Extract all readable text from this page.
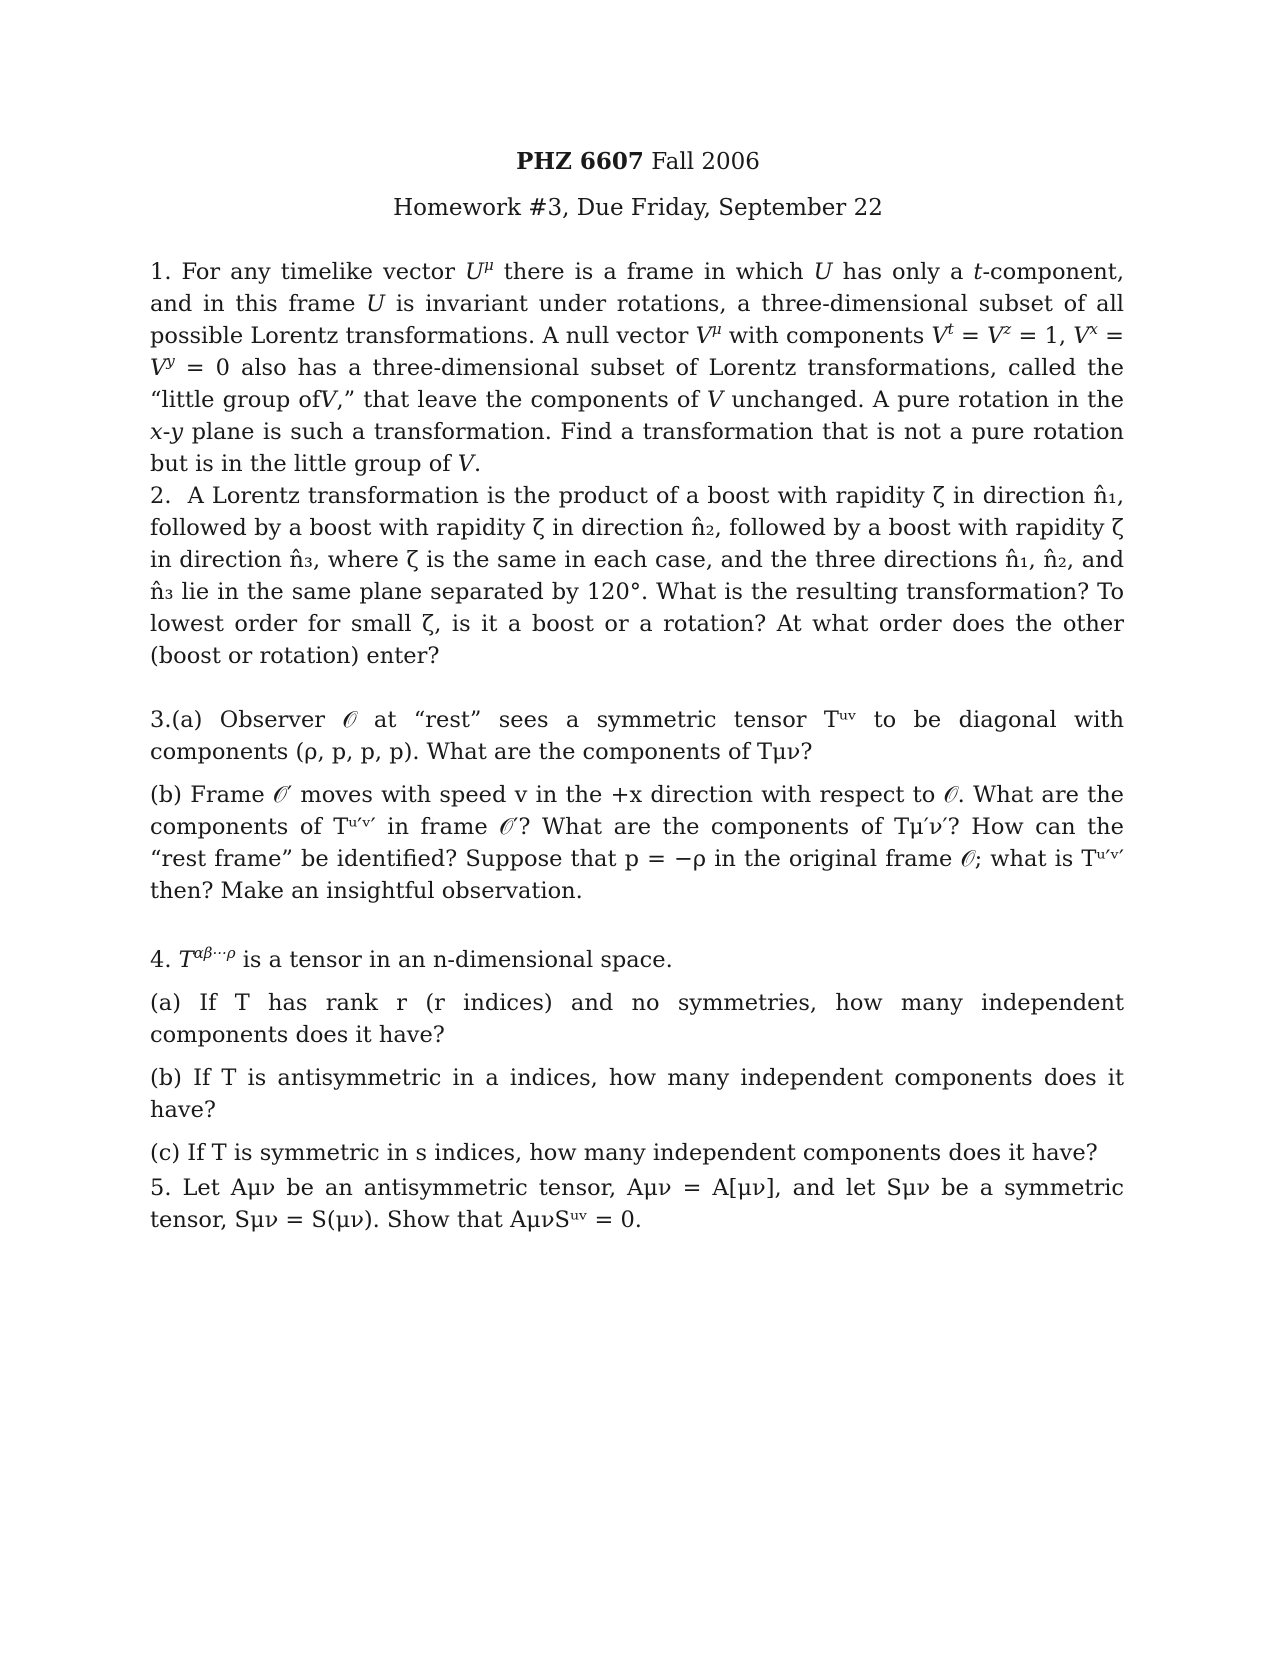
PHZ 6607 Fall 2006
Homework #3, Due Friday, September 22

1. For any timelike vector $U^\mu$ there is a frame in which U has only a t-component, and in this frame U is invariant under rotations, a three-dimensional subset of all possible Lorentz transformations. A null vector $V^\mu$ with components $V^t = V^z = 1$, $V^x = V^y = 0$ also has a three-dimensional subset of Lorentz transformations, called the “little group ofV,” that leave the components of V unchanged. A pure rotation in the x-y plane is such a transformation. Find a transformation that is not a pure rotation but is in the little group of V.

2. A Lorentz transformation is the product of a boost with rapidity ζ in direction n̂₁, followed by a boost with rapidity ζ in direction n̂₂, followed by a boost with rapidity ζ in direction n̂₃, where ζ is the same in each case, and the three directions n̂₁, n̂₂, and n̂₃ lie in the same plane separated by 120°. What is the resulting transformation? To lowest order for small ζ, is it a boost or a rotation? At what order does the other (boost or rotation) enter?

3.(a) Observer 𝒪 at “rest” sees a symmetric tensor Tᵘᵛ to be diagonal with components (ρ, p, p, p). What are the components of Tμν?

(b) Frame 𝒪′ moves with speed v in the +x direction with respect to 𝒪. What are the components of Tᵘ′ᵛ′ in frame 𝒪′? What are the components of Tμ′ν′? How can the “rest frame” be identified? Suppose that p = −ρ in the original frame 𝒪; what is Tᵘ′ᵛ′ then? Make an insightful observation.

4. $T^{\alpha\beta\cdot\cdot\cdot\rho}$ is a tensor in an n-dimensional space.

(a) If T has rank r (r indices) and no symmetries, how many independent components does it have?

(b) If T is antisymmetric in a indices, how many independent components does it have?

(c) If T is symmetric in s indices, how many independent components does it have?

5. Let Aμν be an antisymmetric tensor, Aμν = A[μν], and let Sμν be a symmetric tensor, Sμν = S(μν). Show that AμνSᵘᵛ = 0.
